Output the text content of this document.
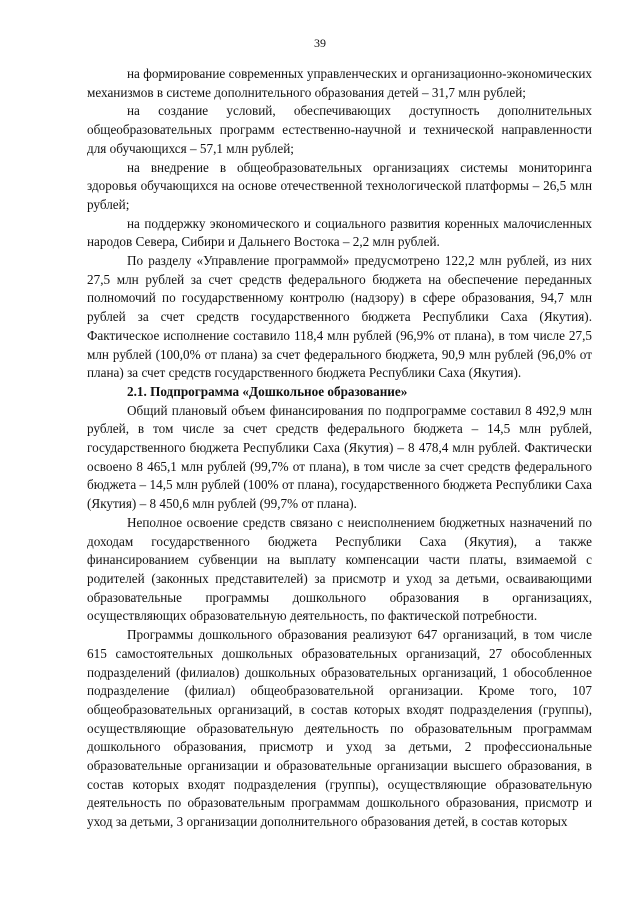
39

на формирование современных управленческих и организационно-экономических механизмов в системе дополнительного образования детей – 31,7 млн рублей;

на создание условий, обеспечивающих доступность дополнительных общеобразовательных программ естественно-научной и технической направленности для обучающихся – 57,1 млн рублей;

на внедрение в общеобразовательных организациях системы мониторинга здоровья обучающихся на основе отечественной технологической платформы – 26,5 млн рублей;

на поддержку экономического и социального развития коренных малочисленных народов Севера, Сибири и Дальнего Востока – 2,2 млн рублей.

По разделу «Управление программой» предусмотрено 122,2 млн рублей, из них 27,5 млн рублей за счет средств федерального бюджета на обеспечение переданных полномочий по государственному контролю (надзору) в сфере образования, 94,7 млн рублей за счет средств государственного бюджета Республики Саха (Якутия). Фактическое исполнение составило 118,4 млн рублей (96,9% от плана), в том числе 27,5 млн рублей (100,0% от плана) за счет федерального бюджета, 90,9 млн рублей (96,0% от плана) за счет средств государственного бюджета Республики Саха (Якутия).

2.1. Подпрограмма «Дошкольное образование»

Общий плановый объем финансирования по подпрограмме составил 8 492,9 млн рублей, в том числе за счет средств федерального бюджета – 14,5 млн рублей, государственного бюджета Республики Саха (Якутия) – 8 478,4 млн рублей. Фактически освоено 8 465,1 млн рублей (99,7% от плана), в том числе за счет средств федерального бюджета – 14,5 млн рублей (100% от плана), государственного бюджета Республики Саха (Якутия) – 8 450,6 млн рублей (99,7% от плана).

Неполное освоение средств связано с неисполнением бюджетных назначений по доходам государственного бюджета Республики Саха (Якутия), а также финансированием субвенции на выплату компенсации части платы, взимаемой с родителей (законных представителей) за присмотр и уход за детьми, осваивающими образовательные программы дошкольного образования в организациях, осуществляющих образовательную деятельность, по фактической потребности.

Программы дошкольного образования реализуют 647 организаций, в том числе 615 самостоятельных дошкольных образовательных организаций, 27 обособленных подразделений (филиалов) дошкольных образовательных организаций, 1 обособленное подразделение (филиал) общеобразовательной организации. Кроме того, 107 общеобразовательных организаций, в состав которых входят подразделения (группы), осуществляющие образовательную деятельность по образовательным программам дошкольного образования, присмотр и уход за детьми, 2 профессиональные образовательные организации и образовательные организации высшего образования, в состав которых входят подразделения (группы), осуществляющие образовательную деятельность по образовательным программам дошкольного образования, присмотр и уход за детьми, 3 организации дополнительного образования детей, в состав которых
